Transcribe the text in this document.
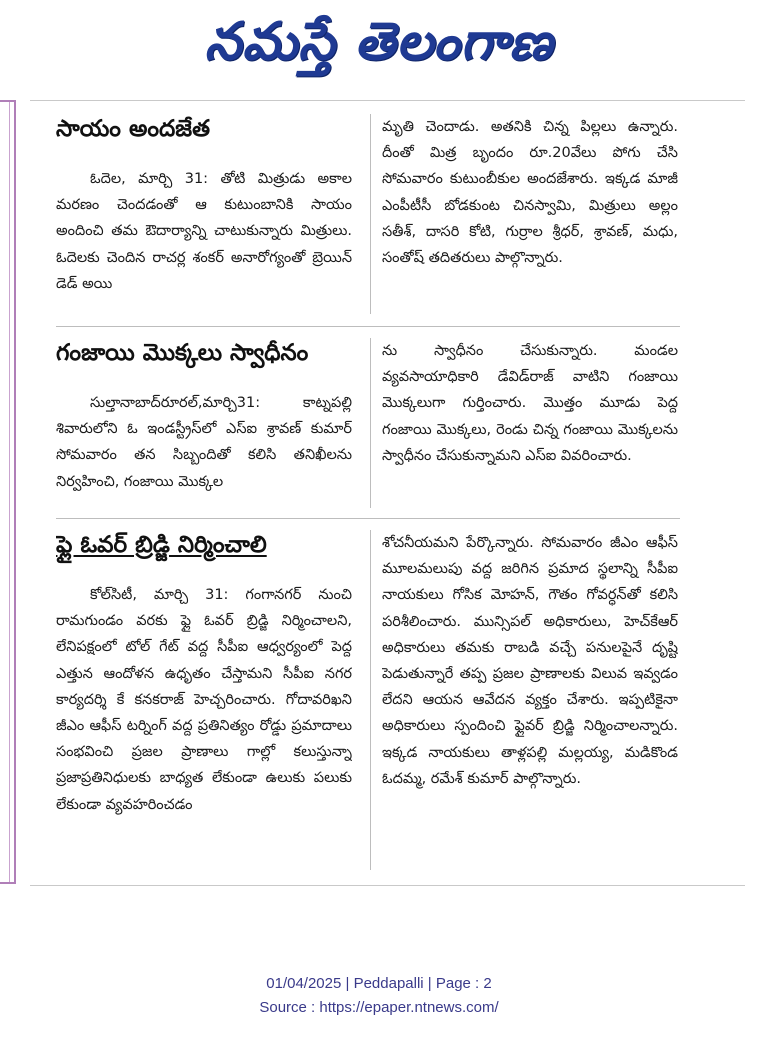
నమస్తే తెలంగాణ
సాయం అందజేత

ఓదెల, మార్చి 31: తోటి మిత్రుడు అకాల మరణం చెందడంతో ఆ కుటుంబానికి సాయం అందించి తమ ఔదార్యాన్ని చాటుకున్నారు మిత్రులు. ఓదెలకు చెందిన రాచర్ల శంకర్ అనారోగ్యంతో బ్రెయిన్ డెడ్ అయి

మృతి చెందాడు. అతనికి చిన్న పిల్లలు ఉన్నారు. దీంతో మిత్ర బృందం రూ.20వేలు పోగు చేసి సోమవారం కుటుంబీకుల అందజేశారు. ఇక్కడ మాజీ ఎంపీటీసీ బోడకుంట చినస్వామి, మిత్రులు అల్లం సతీశ్, దాసరి కోటి, గుర్రాల శ్రీధర్, శ్రావణ్, మధు, సంతోష్ తదితరులు పాల్గొన్నారు.

గంజాయి మొక్కలు స్వాధీనం

సుల్తానాబాద్‌రూరల్,మార్చి31: కాట్నపల్లి శివారులోని ఓ ఇండస్ట్రీస్‌లో ఎస్‌ఐ శ్రావణ్ కుమార్ సోమవారం తన సిబ్బందితో కలిసి తనిఖీలను నిర్వహించి, గంజాయి మొక్కల

ను స్వాధీనం చేసుకున్నారు. మండల వ్యవసాయాధికారి డేవిడ్‌రాజ్ వాటిని గంజాయి మొక్కలుగా గుర్తించారు. మొత్తం మూడు పెద్ద గంజాయి మొక్కలు, రెండు చిన్న గంజాయి మొక్కలను స్వాధీనం చేసుకున్నామని ఎస్‌ఐ వివరించారు.

ఫ్లై ఓవర్ బ్రిడ్జి నిర్మించాలి

కోల్‌సిటీ, మార్చి 31: గంగానగర్ నుంచి రామగుండం వరకు ఫ్లై ఓవర్ బ్రిడ్జి నిర్మించాలని, లేనిపక్షంలో టోల్ గేట్ వద్ద సీపీఐ ఆధ్వర్యంలో పెద్ద ఎత్తున ఆందోళన ఉధృతం చేస్తామని సీపీఐ నగర కార్యదర్శి కే కనకరాజ్ హెచ్చరించారు. గోదావరిఖని జీఎం ఆఫీస్ టర్నింగ్ వద్ద ప్రతినిత్యం రోడ్డు ప్రమాదాలు సంభవించి ప్రజల ప్రాణాలు గాల్లో కలుస్తున్నా ప్రజాప్రతినిధులకు బాధ్యత లేకుండా ఉలుకు పలుకు లేకుండా వ్యవహరించడం

శోచనీయమని పేర్కొన్నారు. సోమవారం జీఎం ఆఫీస్ మూలమలుపు వద్ద జరిగిన ప్రమాద స్థలాన్ని సీపీఐ నాయకులు గోసిక మోహన్, గౌతం గోవర్ధన్‌తో కలిసి పరిశీలించారు. మున్సిపల్ అధికారులు, హెచ్‌కేఆర్ అధికారులు తమకు రాబడి వచ్చే పనులపైనే దృష్టి పెడుతున్నారే తప్ప ప్రజల ప్రాణాలకు విలువ ఇవ్వడం లేదని ఆయన ఆవేదన వ్యక్తం చేశారు. ఇప్పటికైనా అధికారులు స్పందించి ఫ్లైవర్ బ్రిడ్జి నిర్మించాలన్నారు. ఇక్కడ నాయకులు తాళ్లపల్లి మల్లయ్య, మడికొండ ఓదమ్మ, రమేశ్ కుమార్ పాల్గొన్నారు.

01/04/2025 | Peddapalli | Page : 2
Source : https://epaper.ntnews.com/
